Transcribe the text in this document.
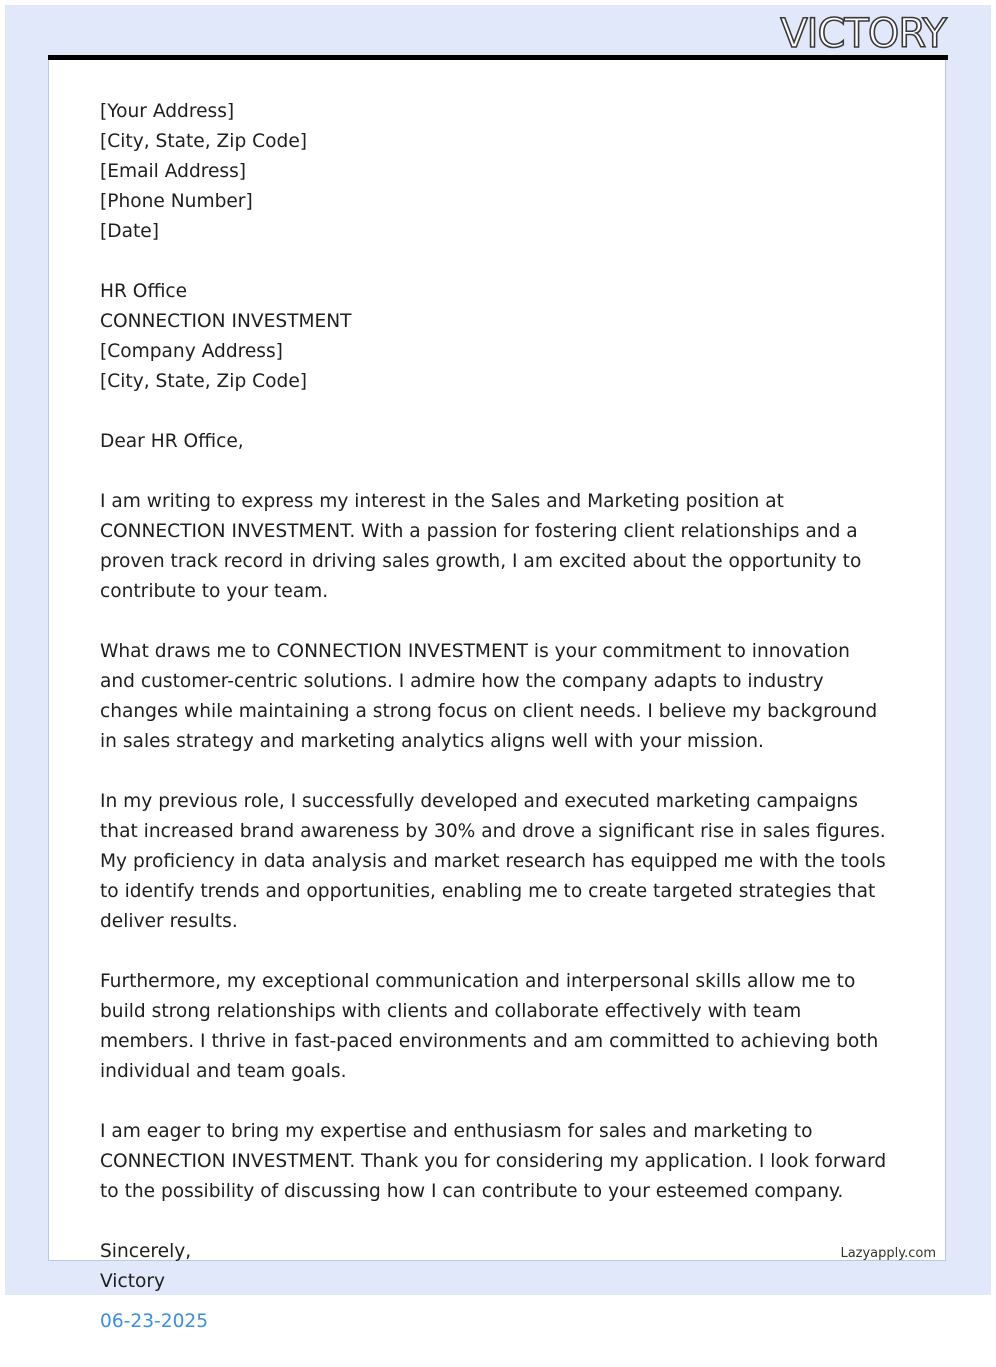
VICTORY

[Your Address]
[City, State, Zip Code]
[Email Address]
[Phone Number]
[Date]

HR Office
CONNECTION INVESTMENT
[Company Address]
[City, State, Zip Code]

Dear HR Office,

I am writing to express my interest in the Sales and Marketing position at CONNECTION INVESTMENT. With a passion for fostering client relationships and a proven track record in driving sales growth, I am excited about the opportunity to contribute to your team.

What draws me to CONNECTION INVESTMENT is your commitment to innovation and customer-centric solutions. I admire how the company adapts to industry changes while maintaining a strong focus on client needs. I believe my background in sales strategy and marketing analytics aligns well with your mission.

In my previous role, I successfully developed and executed marketing campaigns that increased brand awareness by 30% and drove a significant rise in sales figures. My proficiency in data analysis and market research has equipped me with the tools to identify trends and opportunities, enabling me to create targeted strategies that deliver results.

Furthermore, my exceptional communication and interpersonal skills allow me to build strong relationships with clients and collaborate effectively with team members. I thrive in fast-paced environments and am committed to achieving both individual and team goals.

I am eager to bring my expertise and enthusiasm for sales and marketing to CONNECTION INVESTMENT. Thank you for considering my application. I look forward to the possibility of discussing how I can contribute to your esteemed company.

Sincerely,
Victory
06-23-2025

Lazyapply.com
